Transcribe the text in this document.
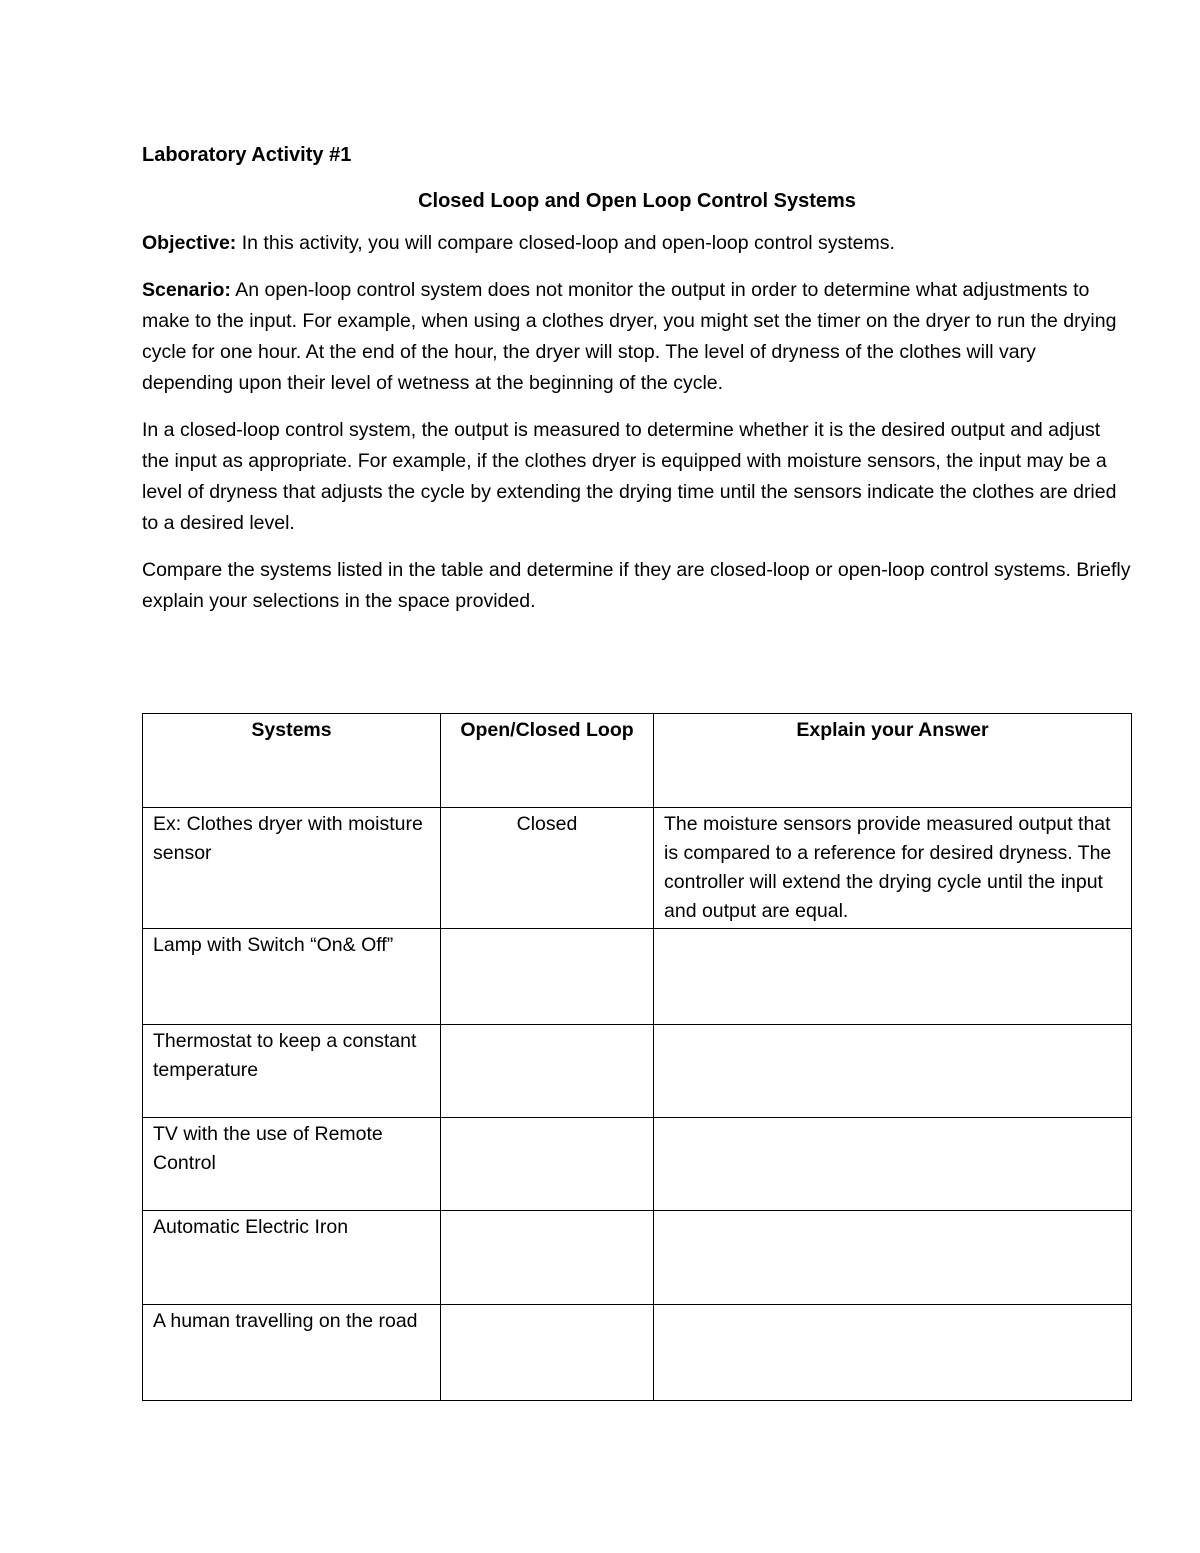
Laboratory Activity #1
Closed Loop and Open Loop Control Systems

Objective: In this activity, you will compare closed-loop and open-loop control systems.

Scenario: An open-loop control system does not monitor the output in order to determine what adjustments to make to the input. For example, when using a clothes dryer, you might set the timer on the dryer to run the drying cycle for one hour. At the end of the hour, the dryer will stop. The level of dryness of the clothes will vary depending upon their level of wetness at the beginning of the cycle.

In a closed-loop control system, the output is measured to determine whether it is the desired output and adjust the input as appropriate. For example, if the clothes dryer is equipped with moisture sensors, the input may be a level of dryness that adjusts the cycle by extending the drying time until the sensors indicate the clothes are dried to a desired level.

Compare the systems listed in the table and determine if they are closed-loop or open-loop control systems. Briefly explain your selections in the space provided.

Systems	Open/Closed Loop	Explain your Answer
Ex: Clothes dryer with moisture sensor	Closed	The moisture sensors provide measured output that is compared to a reference for desired dryness. The controller will extend the drying cycle until the input and output are equal.
Lamp with Switch “On& Off”		
Thermostat to keep a constant temperature		
TV with the use of Remote Control		
Automatic Electric Iron		
A human travelling on the road		
